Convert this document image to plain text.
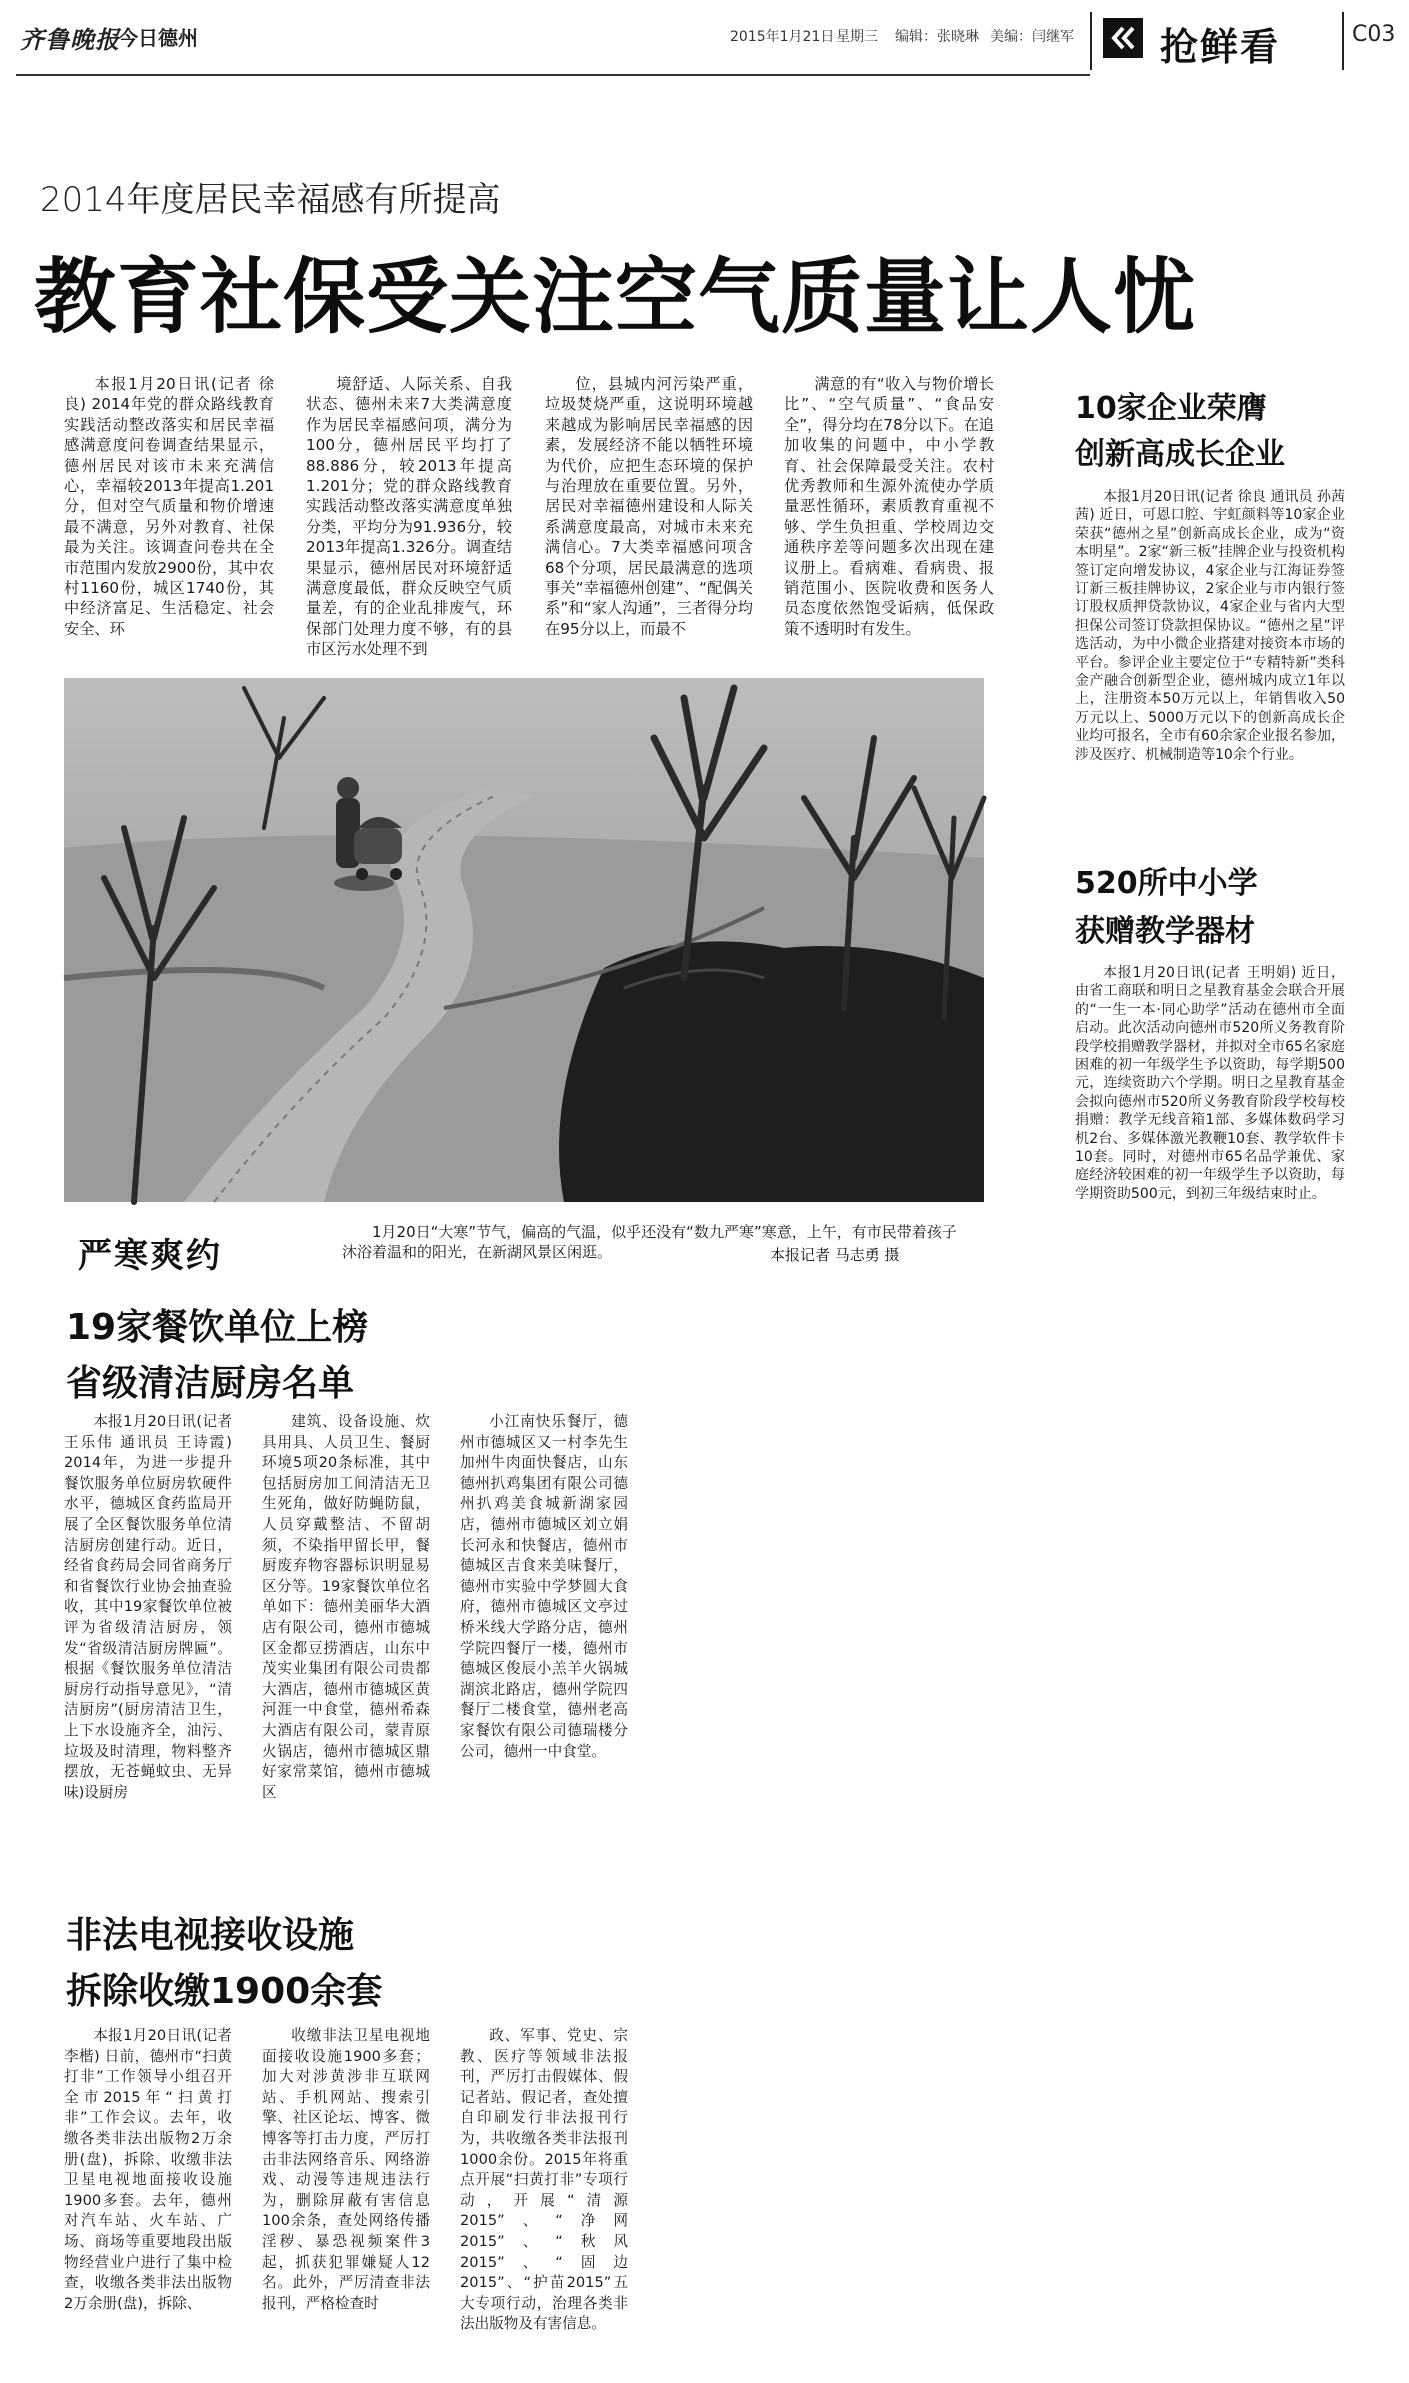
齐鲁晚报
今日德州	2015年1月21日 星期三 编辑：张晓琳 美编：闫继军 抢鲜看	C03
2014年度居民幸福感有所提高
教育社保受关注空气质量让人忧

本报1月20日讯(记者 徐良) 2014年党的群众路线教育实践活动整改落实和居民幸福感满意度问卷调查结果显示，德州居民对该市未来充满信心，幸福较2013年提高1.201分，但对空气质量和物价增速最不满意，另外对教育、社保最为关注。该调查问卷共在全市范围内发放2900份，其中农村1160份，城区1740份，其中经济富足、生活稳定、社会安全、环

境舒适、人际关系、自我状态、德州未来7大类满意度作为居民幸福感问项，满分为100分，德州居民平均打了88.886分，较2013年提高1.201分；党的群众路线教育实践活动整改落实满意度单独分类，平均分为91.936分，较2013年提高1.326分。调查结果显示，德州居民对环境舒适满意度最低，群众反映空气质量差，有的企业乱排废气，环保部门处理力度不够，有的县市区污水处理不到

位，县城内河污染严重，垃圾焚烧严重，这说明环境越来越成为影响居民幸福感的因素，发展经济不能以牺牲环境为代价，应把生态环境的保护与治理放在重要位置。另外，居民对幸福德州建设和人际关系满意度最高，对城市未来充满信心。7大类幸福感问项含68个分项，居民最满意的选项事关“幸福德州创建”、“配偶关系”和“家人沟通”，三者得分均在95分以上，而最不

满意的有“收入与物价增长比”、“空气质量”、“食品安全”，得分均在78分以下。在追加收集的问题中，中小学教育、社会保障最受关注。农村优秀教师和生源外流使办学质量恶性循环，素质教育重视不够、学生负担重、学校周边交通秩序差等问题多次出现在建议册上。看病难、看病贵、报销范围小、医院收费和医务人员态度依然饱受诟病，低保政策不透明时有发生。

10家企业荣膺
创新高成长企业

本报1月20日讯(记者 徐良 通讯员 孙茜茜) 近日，可恩口腔、宇虹颜料等10家企业荣获“德州之星”创新高成长企业，成为“资本明星”。2家“新三板”挂牌企业与投资机构签订定向增发协议，4家企业与江海证券签订新三板挂牌协议，2家企业与市内银行签订股权质押贷款协议，4家企业与省内大型担保公司签订贷款担保协议。“德州之星”评选活动，为中小微企业搭建对接资本市场的平台。参评企业主要定位于“专精特新”类科金产融合创新型企业，德州城内成立1年以上，注册资本50万元以上，年销售收入50万元以上、5000万元以下的创新高成长企业均可报名，全市有60余家企业报名参加，涉及医疗、机械制造等10余个行业。

520所中小学
获赠教学器材

本报1月20日讯(记者 王明娟) 近日，由省工商联和明日之星教育基金会联合开展的“一生一本·同心助学”活动在德州市全面启动。此次活动向德州市520所义务教育阶段学校捐赠教学器材，并拟对全市65名家庭困难的初一年级学生予以资助，每学期500元，连续资助六个学期。明日之星教育基金会拟向德州市520所义务教育阶段学校每校捐赠：教学无线音箱1部、多媒体数码学习机2台、多媒体激光教鞭10套、教学软件卡10套。同时，对德州市65名品学兼优、家庭经济较困难的初一年级学生予以资助，每学期资助500元，到初三年级结束时止。

严寒爽约
1月20日“大寒”节气，偏高的气温，似乎还没有“数九严寒”寒意，上午，有市民带着孩子沐浴着温和的阳光，在新湖风景区闲逛。	本报记者 马志勇 摄
19家餐饮单位上榜
省级清洁厨房名单

本报1月20日讯(记者 王乐伟 通讯员 王诗霞) 2014年，为进一步提升餐饮服务单位厨房软硬件水平，德城区食药监局开展了全区餐饮服务单位清洁厨房创建行动。近日，经省食药局会同省商务厅和省餐饮行业协会抽查验收，其中19家餐饮单位被评为省级清洁厨房，领发“省级清洁厨房牌匾”。根据《餐饮服务单位清洁厨房行动指导意见》，“清洁厨房”(厨房清洁卫生，上下水设施齐全，油污、垃圾及时清理，物料整齐摆放，无苍蝇蚊虫、无异味)设厨房

建筑、设备设施、炊具用具、人员卫生、餐厨环境5项20条标准，其中包括厨房加工间清洁无卫生死角，做好防蝇防鼠，人员穿戴整洁、不留胡须，不染指甲留长甲，餐厨废弃物容器标识明显易区分等。19家餐饮单位名单如下：德州美丽华大酒店有限公司，德州市德城区金都豆捞酒店，山东中茂实业集团有限公司贵都大酒店，德州市德城区黄河涯一中食堂，德州希森大酒店有限公司，蒙青原火锅店，德州市德城区鼎好家常菜馆，德州市德城区

小江南快乐餐厅，德州市德城区又一村李先生加州牛肉面快餐店，山东德州扒鸡集团有限公司德州扒鸡美食城新湖家园店，德州市德城区刘立娟长河永和快餐店，德州市德城区吉食来美味餐厅，德州市实验中学梦圆大食府，德州市德城区文亭过桥米线大学路分店，德州学院四餐厅一楼，德州市德城区俊辰小羔羊火锅城湖滨北路店，德州学院四餐厅二楼食堂，德州老高家餐饮有限公司德瑞楼分公司，德州一中食堂。

非法电视接收设施
拆除收缴1900余套

本报1月20日讯(记者 李楷) 日前，德州市“扫黄打非”工作领导小组召开全市2015年“扫黄打非”工作会议。去年，收缴各类非法出版物2万余册(盘)，拆除、收缴非法卫星电视地面接收设施1900多套。去年，德州对汽车站、火车站、广场、商场等重要地段出版物经营业户进行了集中检查，收缴各类非法出版物2万余册(盘)，拆除、

收缴非法卫星电视地面接收设施1900多套；加大对涉黄涉非互联网站、手机网站、搜索引擎、社区论坛、博客、微博客等打击力度，严厉打击非法网络音乐、网络游戏、动漫等违规违法行为，删除屏蔽有害信息100余条，查处网络传播淫秽、暴恐视频案件3起，抓获犯罪嫌疑人12名。此外，严厉清查非法报刊，严格检查时

政、军事、党史、宗教、医疗等领域非法报刊，严厉打击假媒体、假记者站、假记者，查处擅自印刷发行非法报刊行为，共收缴各类非法报刊1000余份。2015年将重点开展“扫黄打非”专项行动，开展“清源2015”、“净网2015”、“秋风2015”、“固边2015”、“护苗2015”五大专项行动，治理各类非法出版物及有害信息。
